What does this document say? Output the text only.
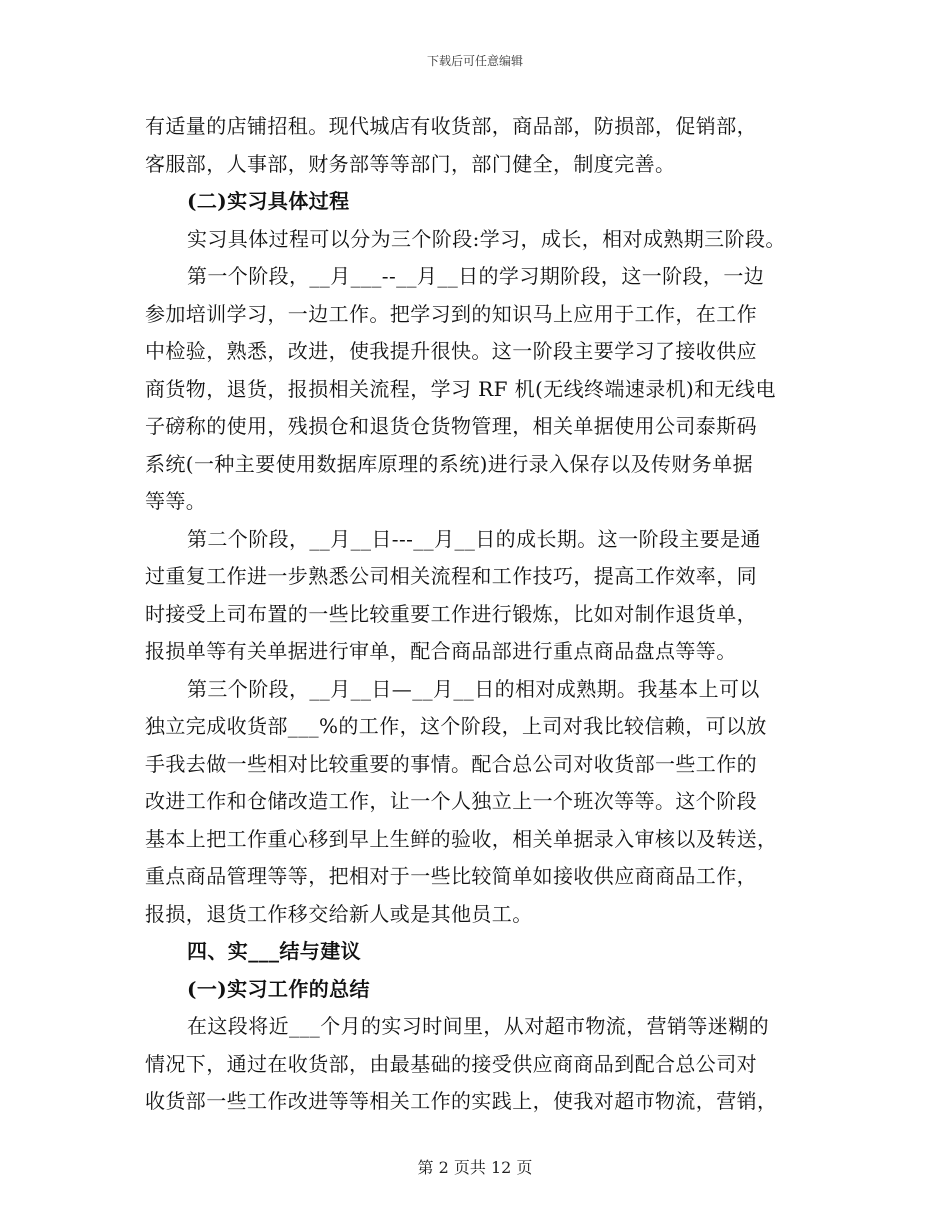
下载后可任意编辑
有适量的店铺招租。现代城店有收货部，商品部，防损部，促销部，
客服部，人事部，财务部等等部门，部门健全，制度完善。
(二)实习具体过程
实习具体过程可以分为三个阶段:学习，成长，相对成熟期三阶段。
第一个阶段，__月___--__月__日的学习期阶段，这一阶段，一边
参加培训学习，一边工作。把学习到的知识马上应用于工作，在工作
中检验，熟悉，改进，使我提升很快。这一阶段主要学习了接收供应
商货物，退货，报损相关流程，学习 RF 机(无线终端速录机)和无线电
子磅称的使用，残损仓和退货仓货物管理，相关单据使用公司泰斯码
系统(一种主要使用数据库原理的系统)进行录入保存以及传财务单据
等等。
第二个阶段，__月__日---__月__日的成长期。这一阶段主要是通
过重复工作进一步熟悉公司相关流程和工作技巧，提高工作效率，同
时接受上司布置的一些比较重要工作进行锻炼，比如对制作退货单，
报损单等有关单据进行审单，配合商品部进行重点商品盘点等等。
第三个阶段，__月__日—__月__日的相对成熟期。我基本上可以
独立完成收货部___%的工作，这个阶段，上司对我比较信赖，可以放
手我去做一些相对比较重要的事情。配合总公司对收货部一些工作的
改进工作和仓储改造工作，让一个人独立上一个班次等等。这个阶段
基本上把工作重心移到早上生鲜的验收，相关单据录入审核以及转送，
重点商品管理等等，把相对于一些比较简单如接收供应商商品工作，
报损，退货工作移交给新人或是其他员工。
四、实___结与建议
(一)实习工作的总结
在这段将近___个月的实习时间里，从对超市物流，营销等迷糊的
情况下，通过在收货部，由最基础的接受供应商商品到配合总公司对
收货部一些工作改进等等相关工作的实践上，使我对超市物流，营销，
第 2 页共 12 页
